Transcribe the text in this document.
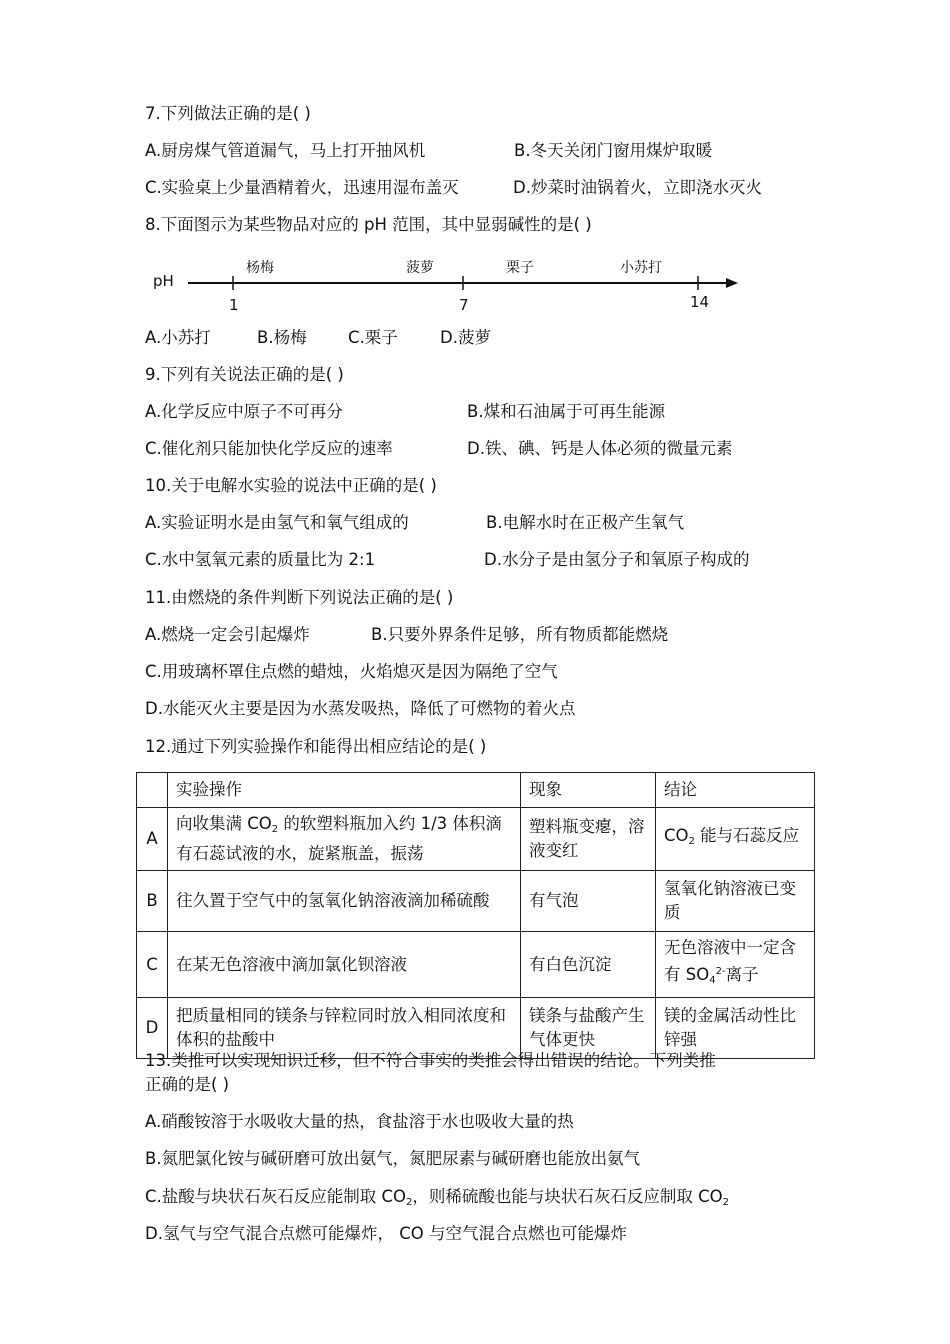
7.下列做法正确的是( )
A.厨房煤气管道漏气，马上打开抽风机	B.冬天关闭门窗用煤炉取暖
C.实验桌上少量酒精着火，迅速用湿布盖灭	D.炒菜时油锅着火，立即浇水灭火
8.下面图示为某些物品对应的 pH 范围，其中显弱碱性的是( )
pH
杨梅	菠萝	栗子	小苏打
1	7	14
A.小苏打	B.杨梅	C.栗子	D.菠萝
9.下列有关说法正确的是( )
A.化学反应中原子不可再分	B.煤和石油属于可再生能源
C.催化剂只能加快化学反应的速率	D.铁、碘、钙是人体必须的微量元素
10.关于电解水实验的说法中正确的是( )
A.实验证明水是由氢气和氧气组成的	B.电解水时在正极产生氧气
C.水中氢氧元素的质量比为 2:1	D.水分子是由氢分子和氧原子构成的
11.由燃烧的条件判断下列说法正确的是( )
A.燃烧一定会引起爆炸	B.只要外界条件足够，所有物质都能燃烧
C.用玻璃杯罩住点燃的蜡烛，火焰熄灭是因为隔绝了空气
D.水能灭火主要是因为水蒸发吸热，降低了可燃物的着火点
12.通过下列实验操作和能得出相应结论的是( )
	实验操作	现象	结论
A	向收集满 $CO_2$ 的软塑料瓶加入约 1/3 体积滴有石蕊试液的水，旋紧瓶盖，振荡	塑料瓶变瘪，溶液变红	$CO_2$ 能与石蕊反应
B	往久置于空气中的氢氧化钠溶液滴加稀硫酸	有气泡	氢氧化钠溶液已变质
C	在某无色溶液中滴加氯化钡溶液	有白色沉淀	无色溶液中一定含有 $SO_4^{2-}$离子
D	把质量相同的镁条与锌粒同时放入相同浓度和体积的盐酸中	镁条与盐酸产生气体更快	镁的金属活动性比锌强
13.类推可以实现知识迁移，但不符合事实的类推会得出错误的结论。下列类推
正确的是( )
A.硝酸铵溶于水吸收大量的热，食盐溶于水也吸收大量的热
B.氮肥氯化铵与碱研磨可放出氨气，氮肥尿素与碱研磨也能放出氨气
C.盐酸与块状石灰石反应能制取 $CO_2$，则稀硫酸也能与块状石灰石反应制取 $CO_2$
D.氢气与空气混合点燃可能爆炸， CO 与空气混合点燃也可能爆炸
